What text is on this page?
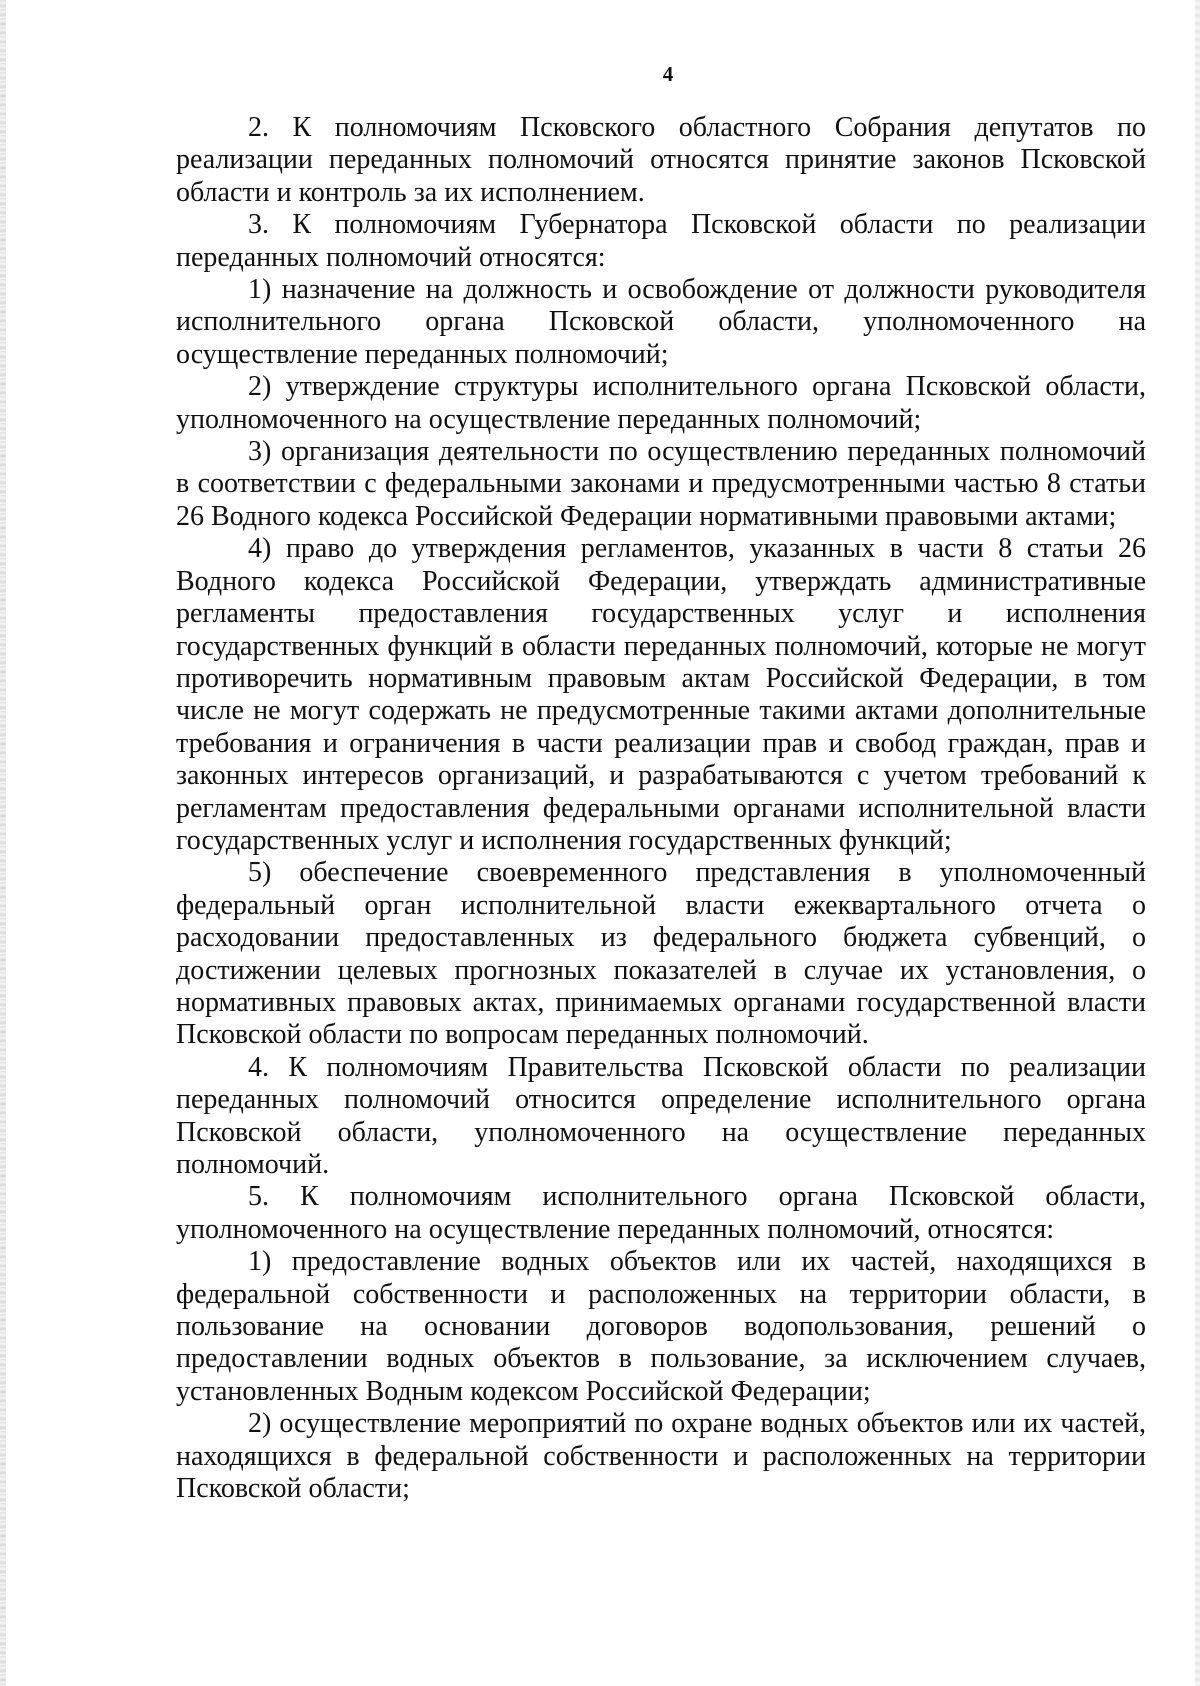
4

2. К полномочиям Псковского областного Собрания депутатов по реализации переданных полномочий относятся принятие законов Псковской области и контроль за их исполнением.

3. К полномочиям Губернатора Псковской области по реализации переданных полномочий относятся:

1) назначение на должность и освобождение от должности руководителя исполнительного органа Псковской области, уполномоченного на осуществление переданных полномочий;

2) утверждение структуры исполнительного органа Псковской области, уполномоченного на осуществление переданных полномочий;

3) организация деятельности по осуществлению переданных полномочий в соответствии с федеральными законами и предусмотренными частью 8 статьи 26 Водного кодекса Российской Федерации нормативными правовыми актами;

4) право до утверждения регламентов, указанных в части 8 статьи 26 Водного кодекса Российской Федерации, утверждать административные регламенты предоставления государственных услуг и исполнения государственных функций в области переданных полномочий, которые не могут противоречить нормативным правовым актам Российской Федерации, в том числе не могут содержать не предусмотренные такими актами дополнительные требования и ограничения в части реализации прав и свобод граждан, прав и законных интересов организаций, и разрабатываются с учетом требований к регламентам предоставления федеральными органами исполнительной власти государственных услуг и исполнения государственных функций;

5) обеспечение своевременного представления в уполномоченный федеральный орган исполнительной власти ежеквартального отчета о расходовании предоставленных из федерального бюджета субвенций, о достижении целевых прогнозных показателей в случае их установления, о нормативных правовых актах, принимаемых органами государственной власти Псковской области по вопросам переданных полномочий.

4. К полномочиям Правительства Псковской области по реализации переданных полномочий относится определение исполнительного органа Псковской области, уполномоченного на осуществление переданных полномочий.

5. К полномочиям исполнительного органа Псковской области, уполномоченного на осуществление переданных полномочий, относятся:

1) предоставление водных объектов или их частей, находящихся в федеральной собственности и расположенных на территории области, в пользование на основании договоров водопользования, решений о предоставлении водных объектов в пользование, за исключением случаев, установленных Водным кодексом Российской Федерации;

2) осуществление мероприятий по охране водных объектов или их частей, находящихся в федеральной собственности и расположенных на территории Псковской области;
